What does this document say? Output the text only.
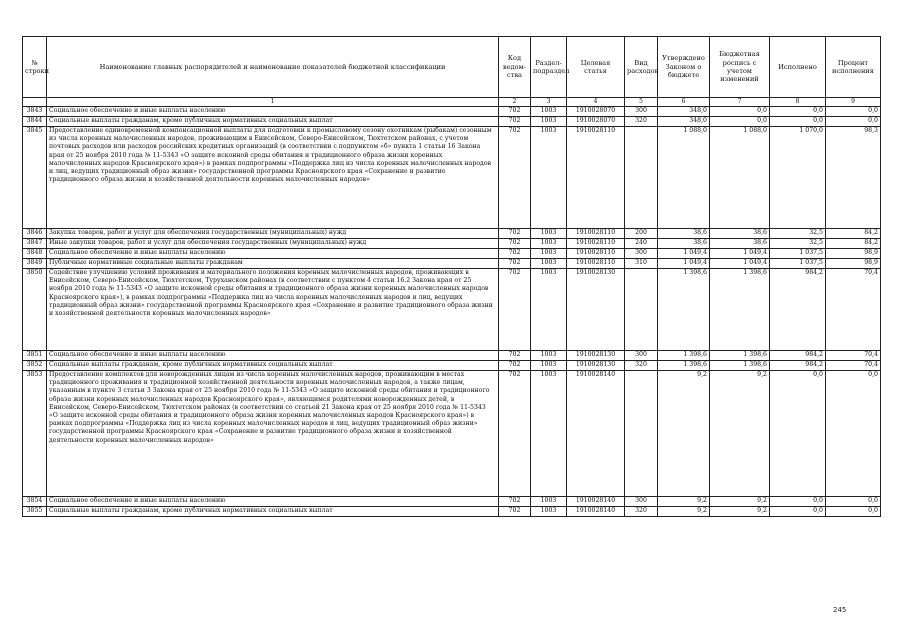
№ строки	Наименование главных распорядителей и наименование показателей бюджетной классификации	Код ведом-ства	Раздел-подраздел	Целевая статья	Вид расходов	Утверждено Законом о бюджете	Бюджетная роспись с учетом изменений	Исполнено	Процент исполнения
	1	2	3	4	5	6	7	8	9
3843	Социальное обеспечение и иные выплаты населению	702	1003	1910028070	300	348,0	0,0	0,0	0,0
3844	Социальные выплаты гражданам, кроме публичных нормативных социальных выплат	702	1003	1910028070	320	348,0	0,0	0,0	0,0
3845	Предоставление единовременной компенсационной выплаты для подготовки к промысловому сезону охотникам (рыбакам) сезонным из числа коренных малочисленных народов, проживающим в Енисейском, Северо-Енисейском, Тюхтетском районах, с учетом почтовых расходов или расходов российских кредитных организаций (в соответствии с подпунктом «б» пункта 1 статьи 16 Закона края от 25 ноября 2010 года № 11-5343 «О защите исконной среды обитания и традиционного образа жизни коренных малочисленных народов Красноярского края») в рамках подпрограммы «Поддержка лиц из числа коренных малочисленных народов и лиц, ведущих традиционный образ жизни» государственной программы Красноярского края «Сохранение и развитие традиционного образа жизни и хозяйственной деятельности коренных малочисленных народов»	702	1003	1910028110		1 088,0	1 088,0	1 070,0	98,3
3846	Закупка товаров, работ и услуг для обеспечения государственных (муниципальных) нужд	702	1003	1910028110	200	38,6	38,6	32,5	84,2
3847	Иные закупки товаров, работ и услуг для обеспечения государственных (муниципальных) нужд	702	1003	1910028110	240	38,6	38,6	32,5	84,2
3848	Социальное обеспечение и иные выплаты населению	702	1003	1910028110	300	1 049,4	1 049,4	1 037,5	98,9
3849	Публичные нормативные социальные выплаты гражданам	702	1003	1910028110	310	1 049,4	1 049,4	1 037,5	98,9
3850	Содействие улучшению условий проживания и материального положения коренных малочисленных народов, проживающих в Енисейском, Северо-Енисейском, Тюхтетском, Туруханском районах (в соответствии с пунктом 4 статьи 16.2 Закона края от 25 ноября 2010 года № 11-5343 «О защите исконной среды обитания и традиционного образа жизни коренных малочисленных народов Красноярского края»), в рамках подпрограммы «Поддержка лиц из числа коренных малочисленных народов и лиц, ведущих традиционный образ жизни» государственной программы Красноярского края «Сохранение и развитие традиционного образа жизни и хозяйственной деятельности коренных малочисленных народов»	702	1003	1910028130		1 398,6	1 398,6	984,2	70,4
3851	Социальное обеспечение и иные выплаты населению	702	1003	1910028130	300	1 398,6	1 398,6	984,2	70,4
3852	Социальные выплаты гражданам, кроме публичных нормативных социальных выплат	702	1003	1910028130	320	1 398,6	1 398,6	984,2	70,4
3853	Предоставление комплектов для новорожденных лицам из числа коренных малочисленных народов, проживающим в местах традиционного проживания и традиционной хозяйственной деятельности коренных малочисленных народов, а также лицам, указанным в пункте 3 статьи 3 Закона края от 25 ноября 2010 года № 11-5343 «О защите исконной среды обитания и традиционного образа жизни коренных малочисленных народов Красноярского края», являющимся родителями новорожденных детей, в Енисейском, Северо-Енисейском, Тюхтетском районах (в соответствии со статьей 21 Закона края от 25 ноября 2010 года № 11-5343 «О защите исконной среды обитания и традиционного образа жизни коренных малочисленных народов Красноярского края») в рамках подпрограммы «Поддержка лиц из числа коренных малочисленных народов и лиц, ведущих традиционный образ жизни» государственной программы Красноярского края «Сохранение и развитие традиционного образа жизни и хозяйственной деятельности коренных малочисленных народов»	702	1003	1910028140		9,2	9,2	0,0	0,0
3854	Социальное обеспечение и иные выплаты населению	702	1003	1910028140	300	9,2	9,2	0,0	0,0
3855	Социальные выплаты гражданам, кроме публичных нормативных социальных выплат	702	1003	1910028140	320	9,2	9,2	0,0	0,0
245
